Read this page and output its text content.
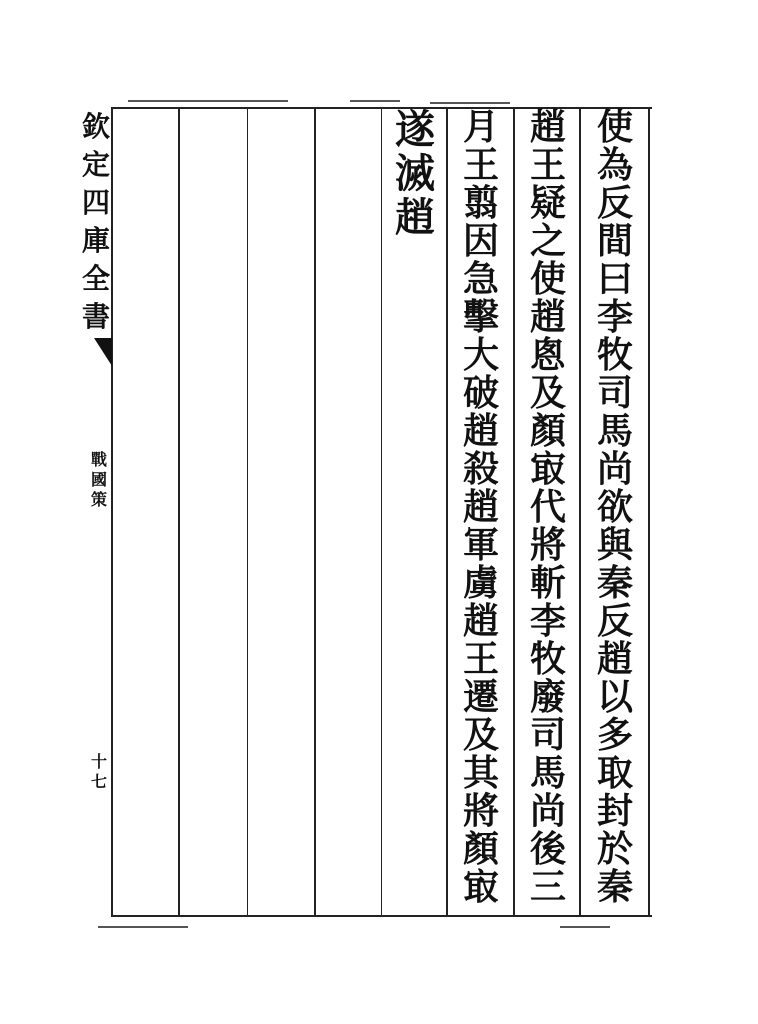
欽
定
四
庫
全
書
戰
國
策
十
七
使
為
反
間
曰
李
牧
司
馬
尚
欲
與
秦
反
趙
以
多
取
封
於
秦
趙
王
疑
之
使
趙
悤
及
顏
㝡
代
將
斬
李
牧
廢
司
馬
尚
後
三
月
王
翦
因
急
擊
大
破
趙
殺
趙
軍
虜
趙
王
遷
及
其
將
顏
㝡
遂
滅
趙
